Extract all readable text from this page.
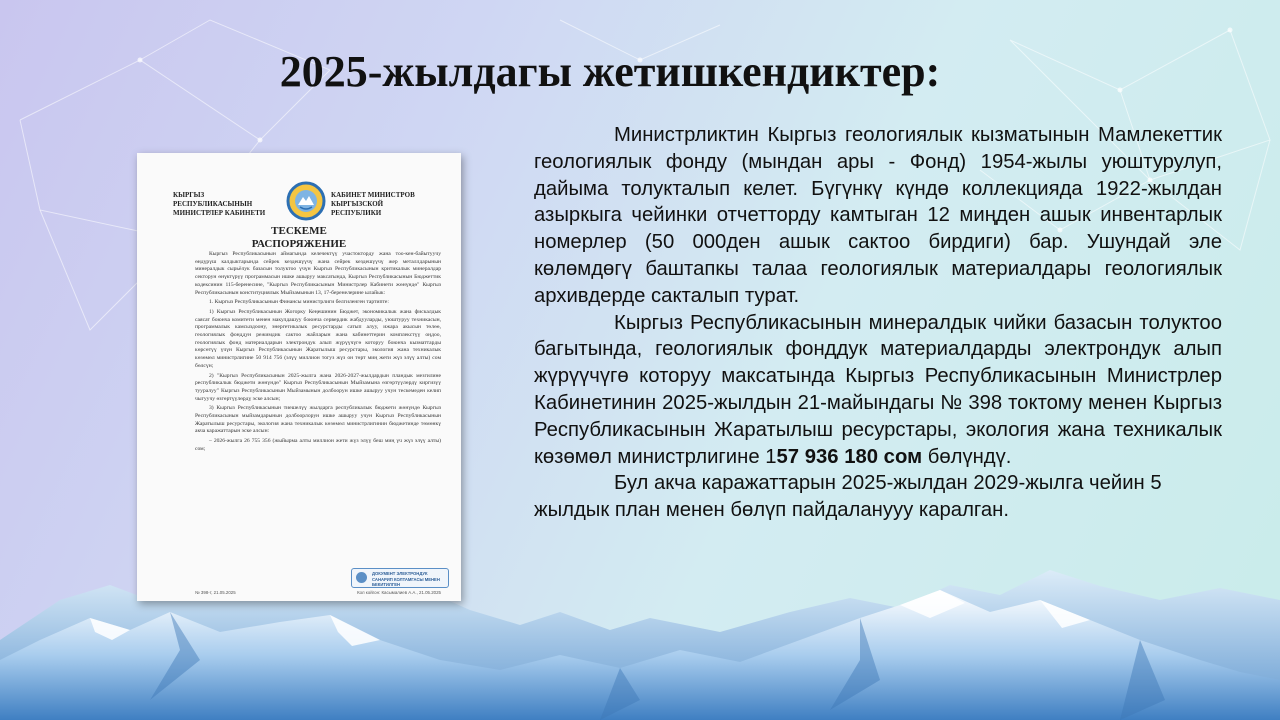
2025-жылдагы жетишкендиктер:
КЫРГЫЗ РЕСПУБЛИКАСЫНЫН МИНИСТРЛЕР КАБИНЕТИ
КАБИНЕТ МИНИСТРОВ КЫРГЫЗСКОЙ РЕСПУБЛИКИ
ТЕСКЕМЕ
РАСПОРЯЖЕНИЕ

Кыргыз Республикасынын аймагында келечектүү участокторду жана тоо-кен-байытуучу өндүрүш калдыктарында сейрек кездешүүчү жана сейрек кездешүүчү жер металлдарынын минералдык сырьёлук базасын толуктоо үчүн Кыргыз Республикасынын критикалык минералдар секторун өнүктүрүү программасын ишке ашыруу максатында, Кыргыз Республикасынын Бюджеттик кодексинин 115-беренесине, "Кыргыз Республикасынын Министрлер Кабинети жөнүндө" Кыргыз Республикасынын конституциялык Мыйзамынын 13, 17-беренелерине ылайык:

1. Кыргыз Республикасынын Финансы министрлиги белгиленген тартипте:

1) Кыргыз Республикасынын Жогорку Кеңешинин Бюджет, экономикалык жана фискалдык саясат боюнча комитети менен макулдашуу боюнча сервердик жабдууларды, уюштуруу техникасын, программалык камсыздоону, энергетикалык ресурстарды сатып алуу, ижара акысын төлөө, геологиялык фонддун режимдик сактоо жайларын жана кабинеттерин комплекстүү оңдоо, геологиялык фонд материалдарын электрондук алып жүрүүчүгө которуу боюнча кызматтарды көрсөтүү үчүн Кыргыз Республикасынын Жаратылыш ресурстары, экология жана техникалык көзөмөл министрлигине 50 914 756 (элүү миллион тогуз жүз он төрт миң жети жүз элүү алты) сом бөлсүн;

2) "Кыргыз Республикасынын 2025-жылга жана 2026-2027-жылдардын пландык мезгилине республикалык бюджети жөнүндө" Кыргыз Республикасынын Мыйзамына өзгөртүүлөрдү киргизүү тууралуу" Кыргыз Республикасынын Мыйзамынын долбоорун ишке ашыруу учун тескемеден келип чыгуучу өзгөртүүлөрдү эске алсын;

3) Кыргыз Республикасынын тиешелүү жылдарга республикалык бюджети жөнүндө Кыргыз Республикасынын мыйзамдарынын долбоорлорун ишке ашыруу учун Кыргыз Республикасынын Жаратылыш ресурстары, экология жана техникалык көзөмөл министрлигинин бюджетинде төмөнкү акча каражаттарын эске алсын:

– 2026-жылга 26 755 356 (жыйырма алты миллион жети жүз элүү беш миң үч жүз элүү алты) сом;

ДОКУМЕНТ ЭЛЕКТРОНДУК САНАРИП КОЛТАМГАСЫ МЕНЕН БЕКИТИЛГЕН
№ 398-т, 21.05.2025	Кол койгон: Касымалиев А.А., 21.05.2025

Министрликтин Кыргыз геологиялык кызматынын Мамлекеттик геологиялык фонду (мындан ары - Фонд) 1954-жылы уюштурулуп, дайыма толукталып келет. Бүгүнкү күндө коллекцияда 1922-жылдан азыркыга чейинки отчетторду камтыган 12 миңден ашык инвентарлык номерлер (50 000ден ашык сактоо бирдиги) бар. Ушундай эле көлөмдөгү баштапкы талаа геологиялык материалдары геологиялык архивдерде сакталып турат.

Кыргыз Республикасынын минералдык чийки базасын толуктоо багытында, геологиялык фонддук материалдарды электрондук алып жүрүүчүгө которуу максатында Кыргыз Республикасынын Министрлер Кабинетинин 2025-жылдын 21-майындагы № 398 токтому менен Кыргыз Республикасынын Жаратылыш ресурстары, экология жана техникалык көзөмөл министрлигине 157 936 180 сом бөлүндү.

Бул акча каражаттарын 2025-жылдан 2029-жылга чейин 5 жылдык план менен бөлүп пайдаланууу каралган.
